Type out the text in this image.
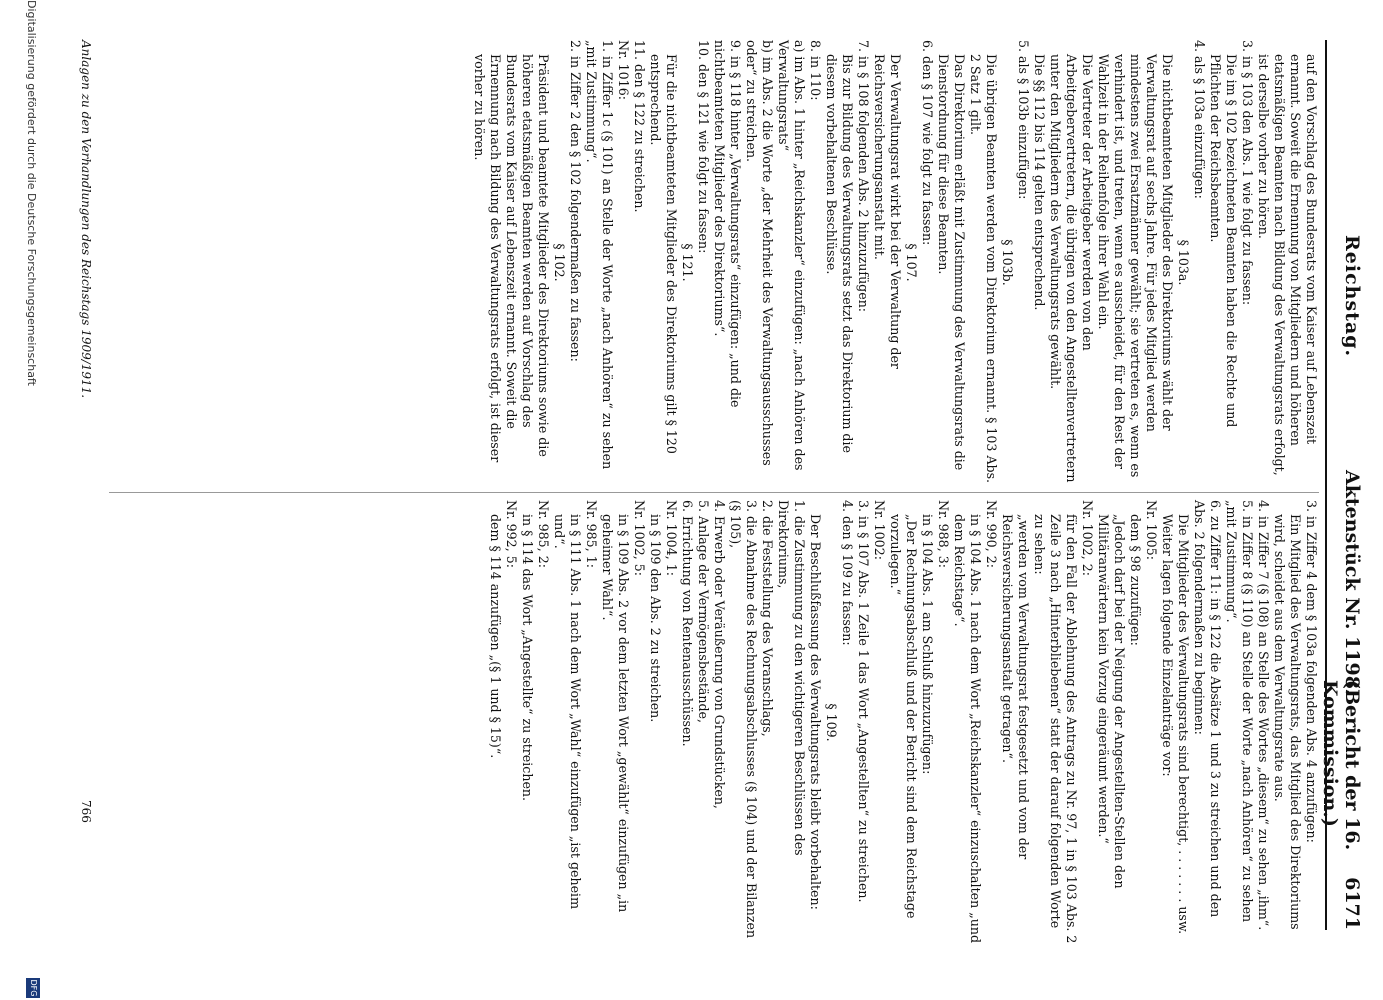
Reichstag.
Aktenstück Nr. 1198.
(Bericht der 16. Kommission.)
6171

auf den Vorschlag des Bundesrats vom Kaiser auf Lebenszeit ernannt. Soweit die Ernennung von Mitgliedern und höheren etatsmäßigen Beamten nach Bildung des Verwaltungsrats erfolgt, ist derselbe vorher zu hören.

3. in § 103 den Abs. 1 wie folgt zu fassen:

Die im § 102 bezeichneten Beamten haben die Rechte und Pflichten der Reichsbeamten.

4. als § 103a einzufügen:

§ 103a.

Die nichtbeamteten Mitglieder des Direktoriums wählt der Verwaltungsrat auf sechs Jahre. Für jedes Mitglied werden mindestens zwei Ersatzmänner gewählt; sie vertreten es, wenn es verhindert ist, und treten, wenn es ausscheidet, für den Rest der Wahlzeit in der Reihenfolge ihrer Wahl ein.

Die Vertreter der Arbeitgeber werden von den Arbeitgebervertretern, die übrigen von den Angestelltenvertretern unter den Mitgliedern des Verwaltungsrats gewählt.

Die §§ 112 bis 114 gelten entsprechend.

5. als § 103b einzufügen:

§ 103b.

Die übrigen Beamten werden vom Direktorium ernannt. § 103 Abs. 2 Satz 1 gilt.

Das Direktorium erläßt mit Zustimmung des Verwaltungsrats die Dienstordnung für diese Beamten.

6. den § 107 wie folgt zu fassen:

§ 107.

Der Verwaltungsrat wirkt bei der Verwaltung der Reichsversicherungsanstalt mit.

7. in § 108 folgenden Abs. 2 hinzuzufügen:

Bis zur Bildung des Verwaltungsrats setzt das Direktorium die diesem vorbehaltenen Beschlüsse.

8. in 110:

a) im Abs. 1 hinter „Reichskanzler“ einzufügen: „nach Anhören des Verwaltungsrats“

b) im Abs. 2 die Worte „der Mehrheit des Verwaltungsausschusses oder“ zu streichen.

9. in § 118 hinter „Verwaltungsrats“ einzufügen: „und die nichtbeamteten Mitglieder des Direktoriums“.

10. den § 121 wie folgt zu fassen:

§ 121.

Für die nichtbeamteten Mitglieder des Direktoriums gilt § 120 entsprechend.

11. den § 122 zu streichen.

Nr. 1016:

1. in Ziffer 1c (§ 101) an Stelle der Worte „nach Anhören“ zu sehen „mit Zustimmung“.

2. in Ziffer 2 den § 102 folgendermaßen zu fassen:

§ 102.

Präsident und beamtete Mitglieder des Direktoriums sowie die höheren etatsmäßigen Beamten werden auf Vorschlag des Bundesrats vom Kaiser auf Lebenszeit ernannt. Soweit die Ernennung nach Bildung des Verwaltungsrats erfolgt, ist dieser vorher zu hören.

3. in Ziffer 4 dem § 103a folgenden Abs. 4 anzufügen:

Ein Mitglied des Verwaltungsrats, das Mitglied des Direktoriums wird, scheidet aus dem Verwaltungsrate aus.

4. in Ziffer 7 (§ 108) an Stelle des Wortes „diesem“ zu sehen „ihm“.

5. in Ziffer 8 (§ 110) an Stelle der Worte „nach Anhören“ zu sehen „mit Zustimmung“.

6. zu Ziffer 11: in § 122 die Absätze 1 und 3 zu streichen und den Abs. 2 folgendermaßen zu beginnen:

Die Mitglieder des Verwaltungsrats sind berechtigt, . . . . . . . usw.

Weiter lagen folgende Einzelanträge vor:

Nr. 1005:

dem § 98 zuzufügen:

„Jedoch darf bei der Neigung der Angestellten-Stellen den Militäranwärtern kein Vorzug eingeräumt werden.“

Nr. 1002, 2:

für den Fall der Ablehnung des Antrags zu Nr. 97, 1 in § 103 Abs. 2 Zeile 3 nach „Hinterbliebenen“ statt der darauf folgenden Worte zu sehen:

„werden vom Verwaltungsrat festgesetzt und vom der Reichsversicherungsanstalt getragen“.

Nr. 990, 2:

in § 104 Abs. 1 nach dem Wort „Reichskanzler“ einzuschalten „und dem Reichstage“.

Nr. 988, 3:

in § 104 Abs. 1 am Schluß hinzuzufügen:

„Der Rechnungsabschluß und der Bericht sind dem Reichstage vorzulegen.“

Nr. 1002:

3. in § 107 Abs. 1 Zeile 1 das Wort „Angestellten“ zu streichen.

4. den § 109 zu fassen:

§ 109.

Der Beschlußfassung des Verwaltungsrats bleibt vorbehalten:

1. die Zustimmung zu den wichtigeren Beschlüssen des Direktoriums,

2. die Feststellung des Voranschlags,

3. die Abnahme des Rechnungsabschlusses (§ 104) und der Bilanzen (§ 105),

4. Erwerb oder Veräußerung von Grundstücken,

5. Anlage der Vermögensbestände,

6. Errichtung von Rentenausschüssen.

Nr. 1004, 1:

in § 109 den Abs. 2 zu streichen.

Nr. 1002, 5:

in § 109 Abs. 2 vor dem letzten Wort „gewählt“ einzufügen „in geheimer Wahl“.

Nr. 985, 1:

in § 111 Abs. 1 nach dem Wort „Wahl“ einzufügen „ist geheim und“.

Nr. 985, 2:

in § 114 das Wort „Angestellte“ zu streichen.

Nr. 992, 5:

dem § 114 anzufügen „(§ 1 und § 15)“.

Anlagen zu den Verhandlungen des Reichstags 1909/1911.
766
Digitalisierung gefördert durch die Deutsche Forschungsgemeinschaft
DFG
